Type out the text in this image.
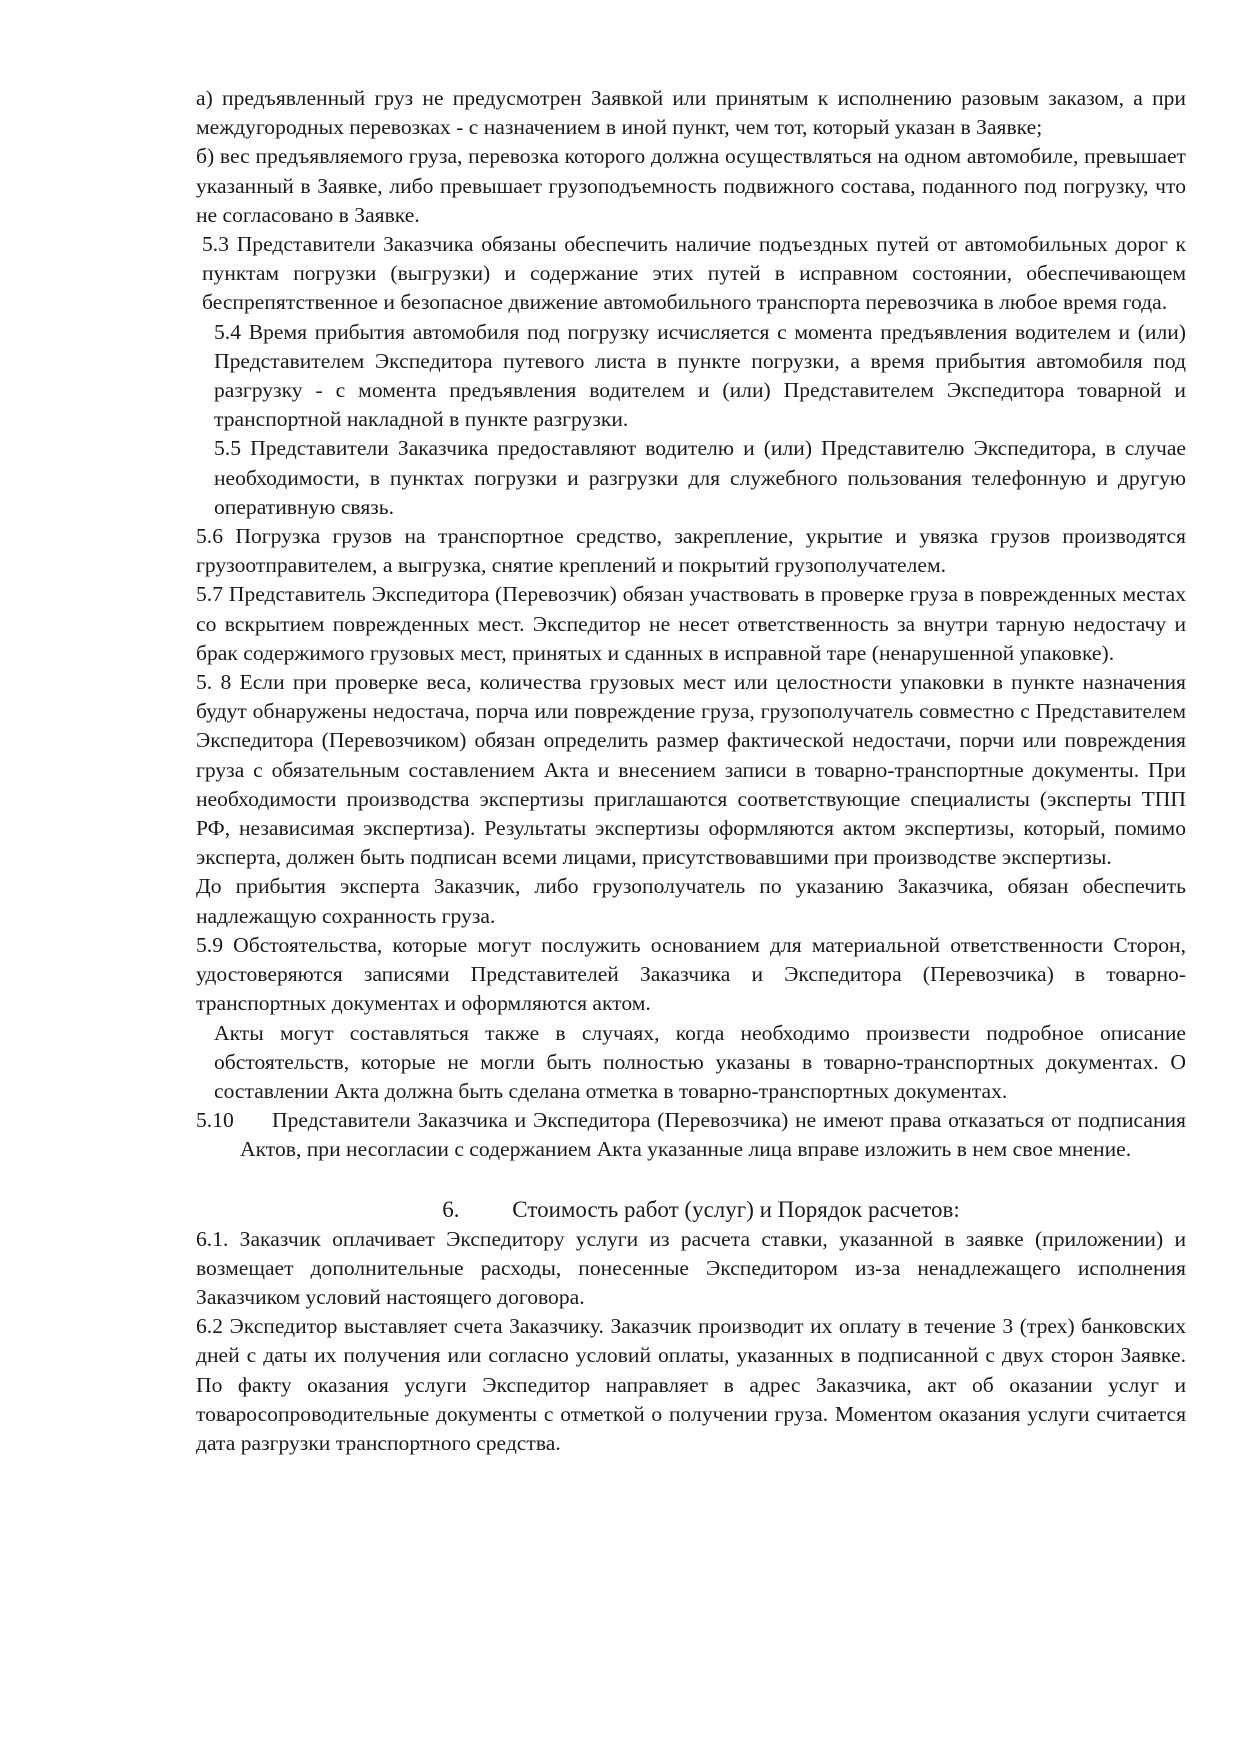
а) предъявленный груз не предусмотрен Заявкой или принятым к исполнению разовым заказом, а при междугородных перевозках - с назначением в иной пункт, чем тот, который указан в Заявке;

б) вес предъявляемого груза, перевозка которого должна осуществляться на одном автомобиле, превышает указанный в Заявке, либо превышает грузоподъемность подвижного состава, поданного под погрузку, что не согласовано в Заявке.

5.3 Представители Заказчика обязаны обеспечить наличие подъездных путей от автомобильных дорог к пунктам погрузки (выгрузки) и содержание этих путей в исправном состоянии, обеспечивающем беспрепятственное и безопасное движение автомобильного транспорта перевозчика в любое время года.

5.4 Время прибытия автомобиля под погрузку исчисляется с момента предъявления водителем и (или) Представителем Экспедитора путевого листа в пункте погрузки, а время прибытия автомобиля под разгрузку - с момента предъявления водителем и (или) Представителем Экспедитора товарной и транспортной накладной в пункте разгрузки.

5.5 Представители Заказчика предоставляют водителю и (или) Представителю Экспедитора, в случае необходимости, в пунктах погрузки и разгрузки для служебного пользования телефонную и другую оперативную связь.

5.6 Погрузка грузов на транспортное средство, закрепление, укрытие и увязка грузов производятся грузоотправителем, а выгрузка, снятие креплений и покрытий грузополучателем.

5.7 Представитель Экспедитора (Перевозчик) обязан участвовать в проверке груза в поврежденных местах со вскрытием поврежденных мест. Экспедитор не несет ответственность за внутри тарную недостачу и брак содержимого грузовых мест, принятых и сданных в исправной таре (ненарушенной упаковке).

5. 8 Если при проверке веса, количества грузовых мест или целостности упаковки в пункте назначения будут обнаружены недостача, порча или повреждение груза, грузополучатель совместно с Представителем Экспедитора (Перевозчиком) обязан определить размер фактической недостачи, порчи или повреждения груза с обязательным составлением Акта и внесением записи в товарно-транспортные документы. При необходимости производства экспертизы приглашаются соответствующие специалисты (эксперты ТПП РФ, независимая экспертиза). Результаты экспертизы оформляются актом экспертизы, который, помимо эксперта, должен быть подписан всеми лицами, присутствовавшими при производстве экспертизы.

До прибытия эксперта Заказчик, либо грузополучатель по указанию Заказчика, обязан обеспечить надлежащую сохранность груза.

5.9 Обстоятельства, которые могут послужить основанием для материальной ответственности Сторон, удостоверяются записями Представителей Заказчика и Экспедитора (Перевозчика) в товарно-транспортных документах и оформляются актом.

Акты могут составляться также в случаях, когда необходимо произвести подробное описание обстоятельств, которые не могли быть полностью указаны в товарно-транспортных документах. О составлении Акта должна быть сделана отметка в товарно-транспортных документах.

5.10	Представители Заказчика и Экспедитора (Перевозчика) не имеют права отказаться от подписания Актов, при несогласии с содержанием Акта указанные лица вправе изложить в нем свое мнение.

6. Стоимость работ (услуг) и Порядок расчетов:

6.1. Заказчик оплачивает Экспедитору услуги из расчета ставки, указанной в заявке (приложении) и возмещает дополнительные расходы, понесенные Экспедитором из-за ненадлежащего исполнения Заказчиком условий настоящего договора.

6.2 Экспедитор выставляет счета Заказчику. Заказчик производит их оплату в течение 3 (трех) банковских дней с даты их получения или согласно условий оплаты, указанных в подписанной с двух сторон Заявке. По факту оказания услуги Экспедитор направляет в адрес Заказчика, акт об оказании услуг и товаросопроводительные документы с отметкой о получении груза. Моментом оказания услуги считается дата разгрузки транспортного средства.
